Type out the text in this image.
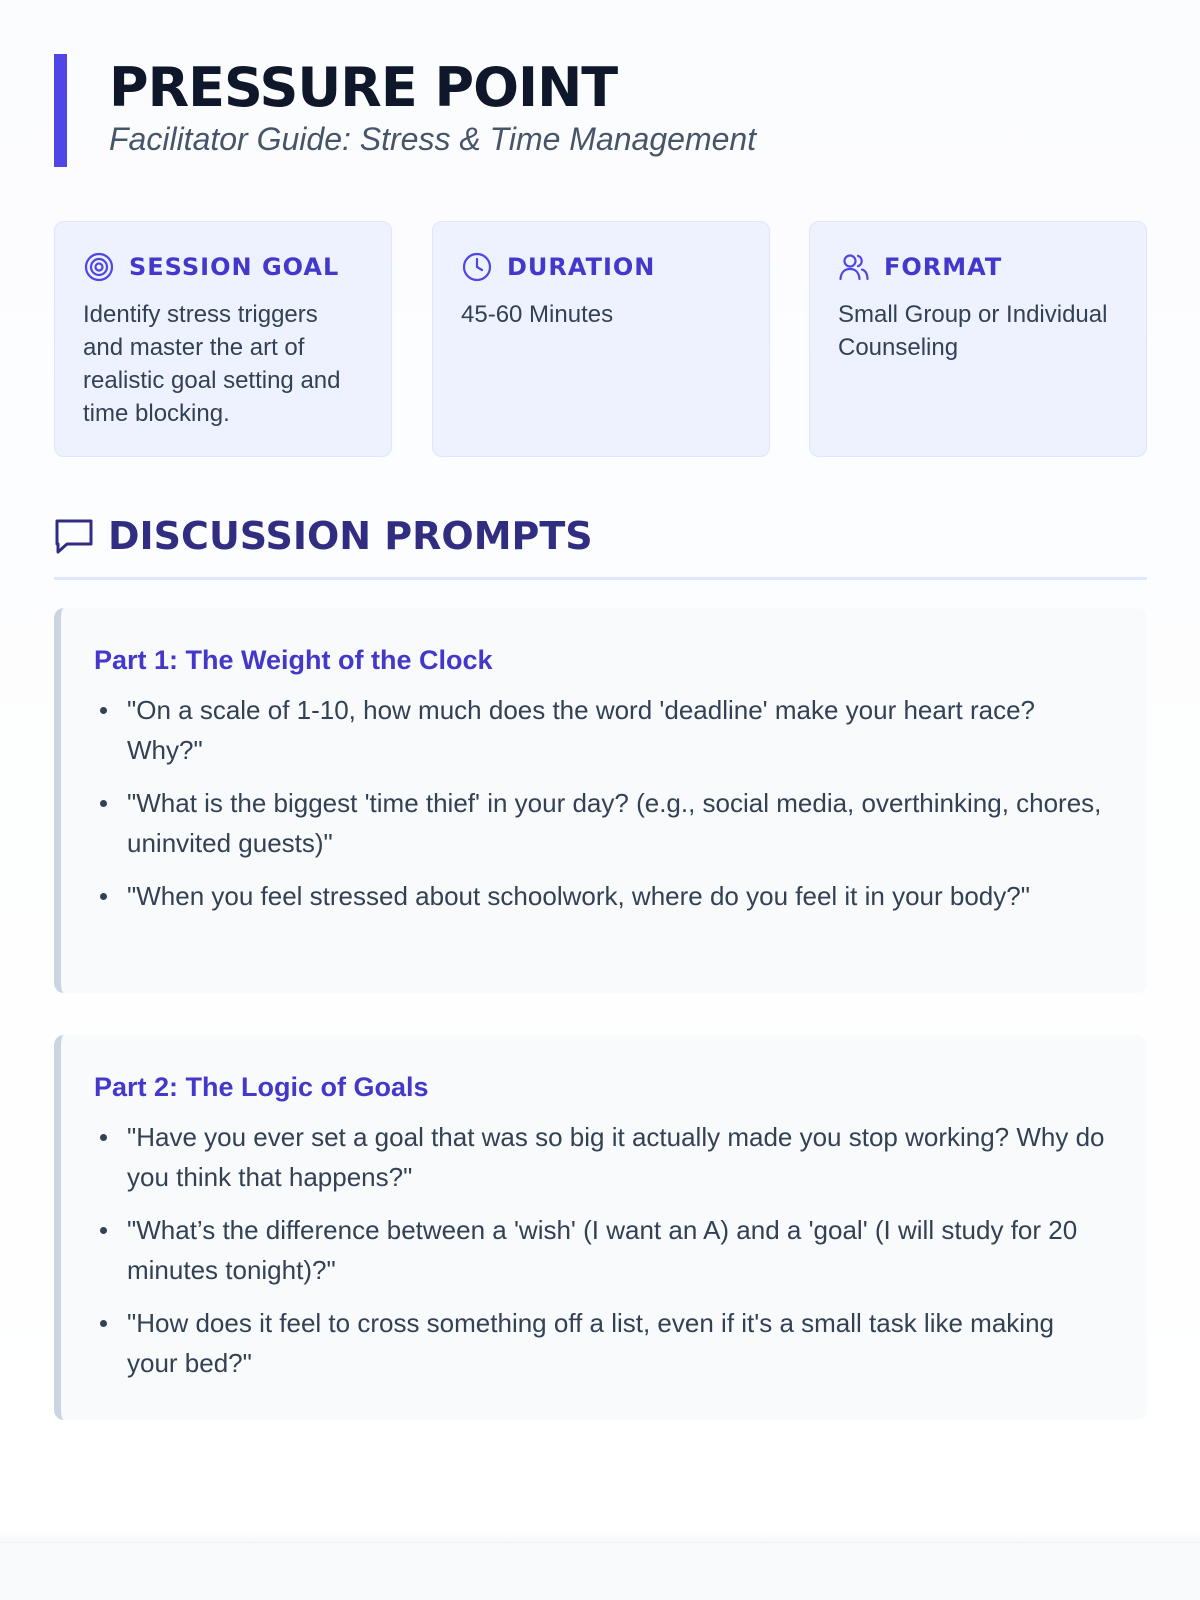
PRESSURE POINT
Facilitator Guide: Stress & Time Management
SESSION GOAL
Identify stress triggers and master the art of realistic goal setting and time blocking.
DURATION
45-60 Minutes
FORMAT
Small Group or Individual Counseling
DISCUSSION PROMPTS
Part 1: The Weight of the Clock
"On a scale of 1-10, how much does the word 'deadline' make your heart race? Why?"
"What is the biggest 'time thief' in your day? (e.g., social media, overthinking, chores, uninvited guests)"
"When you feel stressed about schoolwork, where do you feel it in your body?"
Part 2: The Logic of Goals
"Have you ever set a goal that was so big it actually made you stop working? Why do you think that happens?"
"What’s the difference between a 'wish' (I want an A) and a 'goal' (I will study for 20 minutes tonight)?"
"How does it feel to cross something off a list, even if it's a small task like making your bed?"
